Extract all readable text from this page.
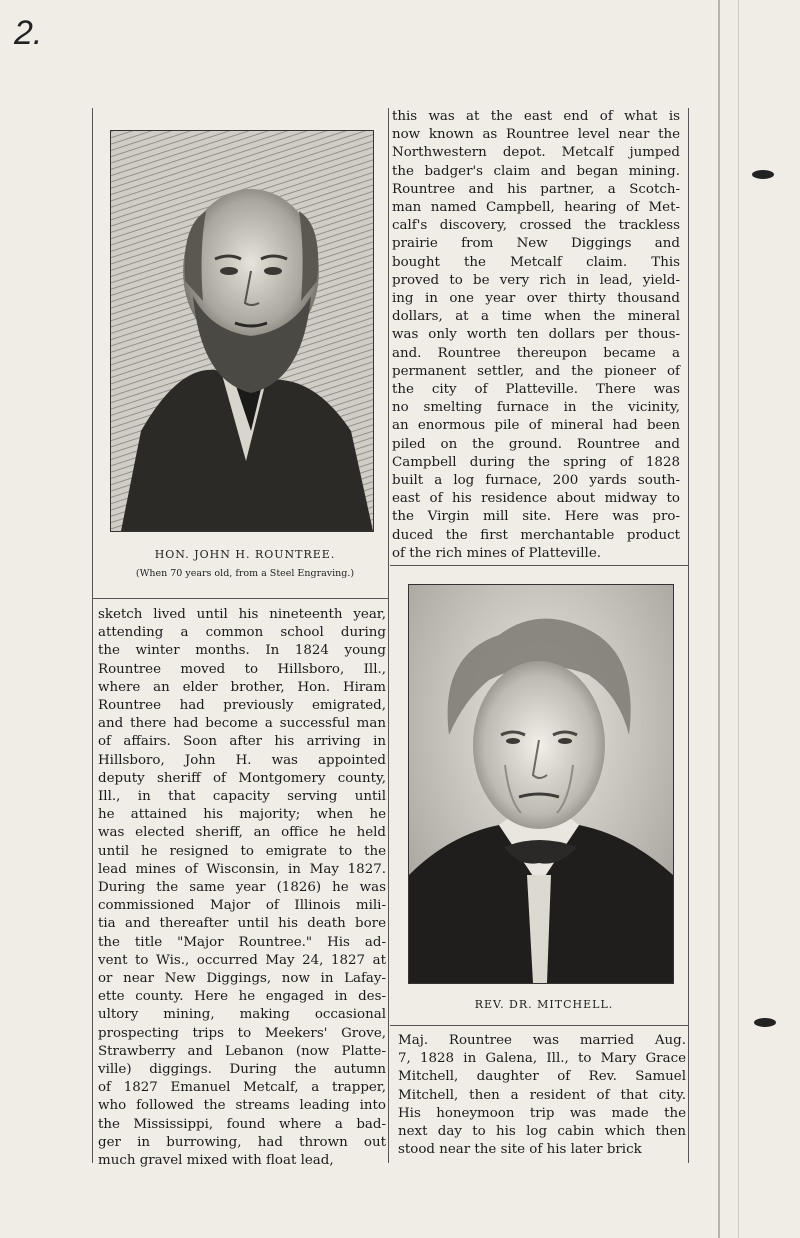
2.
HON. JOHN H. ROUNTREE.
(When 70 years old, from a Steel Engraving.)
REV. DR. MITCHELL.
this was at the east end of what is
now known as Rountree level near the
Northwestern depot. Metcalf jumped
the badger's claim and began mining.
Rountree and his partner, a Scotch-
man named Campbell, hearing of Met-
calf's discovery, crossed the trackless
prairie from New Diggings and
bought the Metcalf claim. This
proved to be very rich in lead, yield-
ing in one year over thirty thousand
dollars, at a time when the mineral
was only worth ten dollars per thous-
and. Rountree thereupon became a
permanent settler, and the pioneer of
the city of Platteville. There was
no smelting furnace in the vicinity,
an enormous pile of mineral had been
piled on the ground. Rountree and
Campbell during the spring of 1828
built a log furnace, 200 yards south-
east of his residence about midway to
the Virgin mill site. Here was pro-
duced the first merchantable product
of the rich mines of Platteville.
sketch lived until his nineteenth year,
attending a common school during
the winter months. In 1824 young
Rountree moved to Hillsboro, Ill.,
where an elder brother, Hon. Hiram
Rountree had previously emigrated,
and there had become a successful man
of affairs. Soon after his arriving in
Hillsboro, John H. was appointed
deputy sheriff of Montgomery county,
Ill., in that capacity serving until
he attained his majority; when he
was elected sheriff, an office he held
until he resigned to emigrate to the
lead mines of Wisconsin, in May 1827.
During the same year (1826) he was
commissioned Major of Illinois mili-
tia and thereafter until his death bore
the title "Major Rountree." His ad-
vent to Wis., occurred May 24, 1827 at
or near New Diggings, now in Lafay-
ette county. Here he engaged in des-
ultory mining, making occasional
prospecting trips to Meekers' Grove,
Strawberry and Lebanon (now Platte-
ville) diggings. During the autumn
of 1827 Emanuel Metcalf, a trapper,
who followed the streams leading into
the Mississippi, found where a bad-
ger in burrowing, had thrown out
much gravel mixed with float lead,
Maj. Rountree was married Aug.
7, 1828 in Galena, Ill., to Mary Grace
Mitchell, daughter of Rev. Samuel
Mitchell, then a resident of that city.
His honeymoon trip was made the
next day to his log cabin which then
stood near the site of his later brick
